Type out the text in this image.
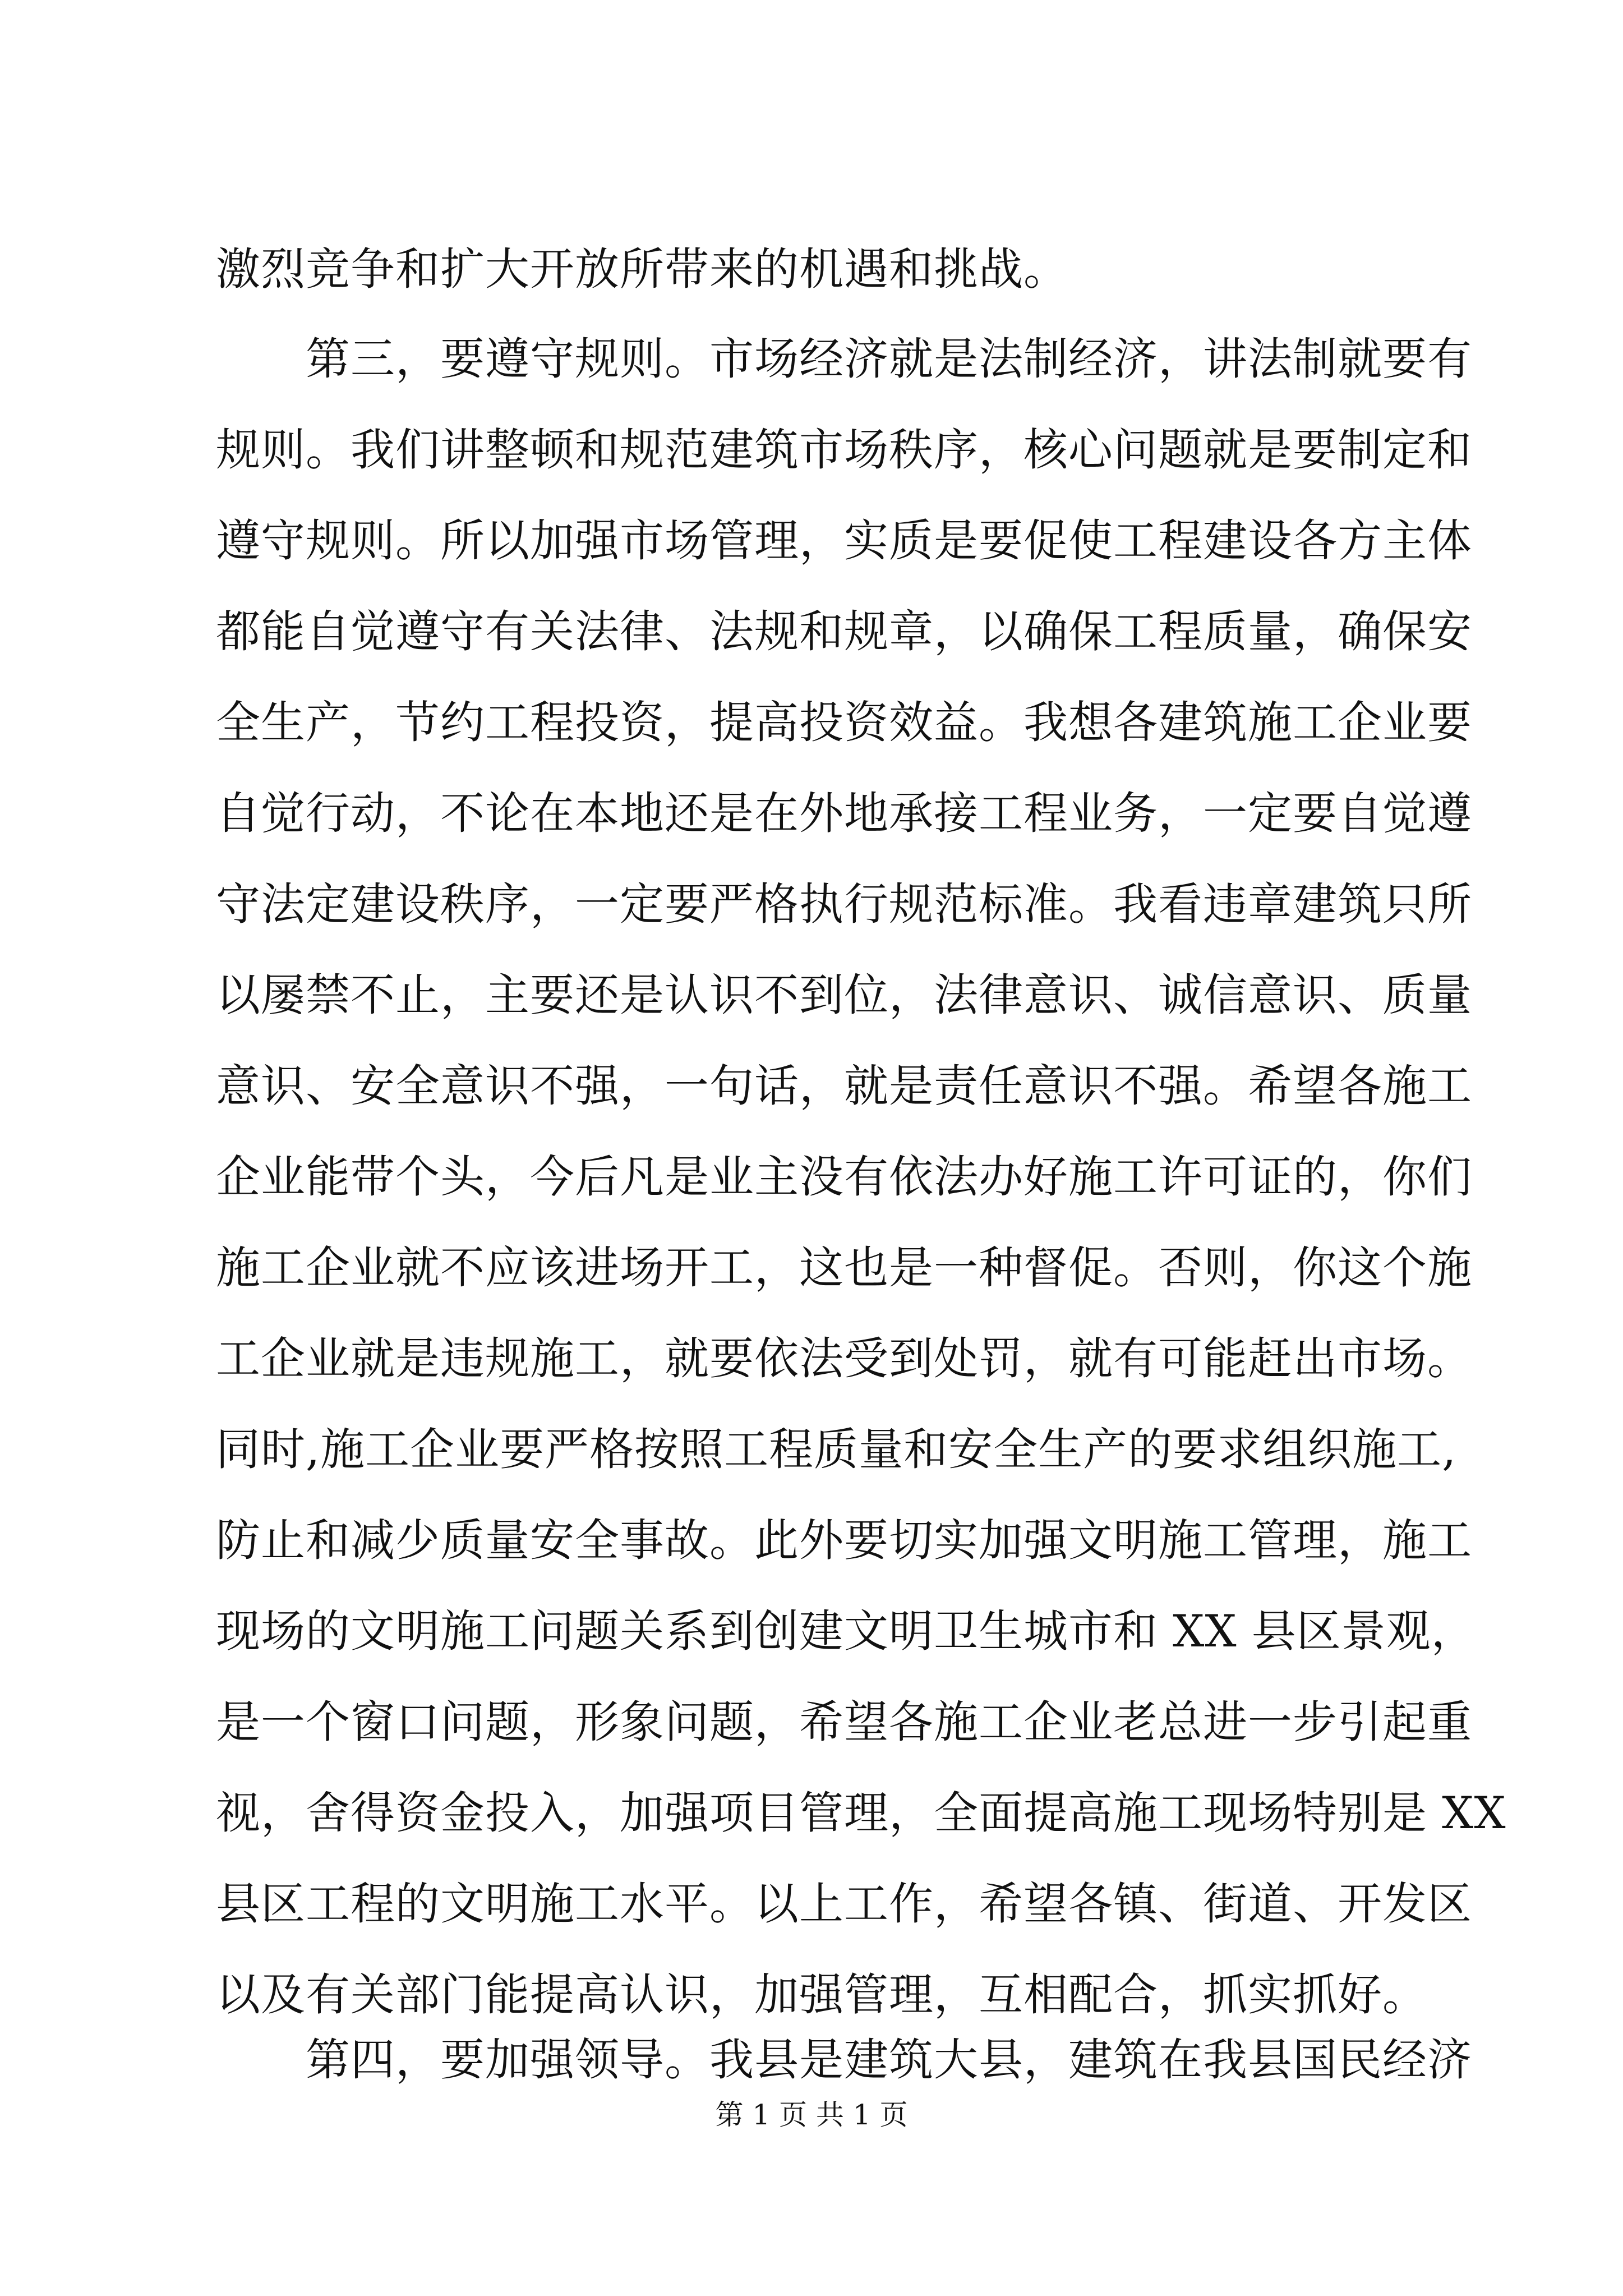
激烈竞争和扩大开放所带来的机遇和挑战。

第三，要遵守规则。市场经济就是法制经济，讲法制就要有

规则。我们讲整顿和规范建筑市场秩序，核心问题就是要制定和

遵守规则。所以加强市场管理，实质是要促使工程建设各方主体

都能自觉遵守有关法律、法规和规章，以确保工程质量，确保安

全生产，节约工程投资，提高投资效益。我想各建筑施工企业要

自觉行动，不论在本地还是在外地承接工程业务，一定要自觉遵

守法定建设秩序，一定要严格执行规范标准。我看违章建筑只所

以屡禁不止，主要还是认识不到位，法律意识、诚信意识、质量

意识、安全意识不强，一句话，就是责任意识不强。希望各施工

企业能带个头，今后凡是业主没有依法办好施工许可证的，你们

施工企业就不应该进场开工，这也是一种督促。否则，你这个施

工企业就是违规施工，就要依法受到处罚，就有可能赶出市场。

同时,施工企业要严格按照工程质量和安全生产的要求组织施工,

防止和减少质量安全事故。此外要切实加强文明施工管理，施工

现场的文明施工问题关系到创建文明卫生城市和 XX 县区景观，

是一个窗口问题，形象问题，希望各施工企业老总进一步引起重

视，舍得资金投入，加强项目管理，全面提高施工现场特别是 XX

县区工程的文明施工水平。以上工作，希望各镇、街道、开发区

以及有关部门能提高认识，加强管理，互相配合，抓实抓好。

第四，要加强领导。我县是建筑大县，建筑在我县国民经济

第 1 页 共 1 页
